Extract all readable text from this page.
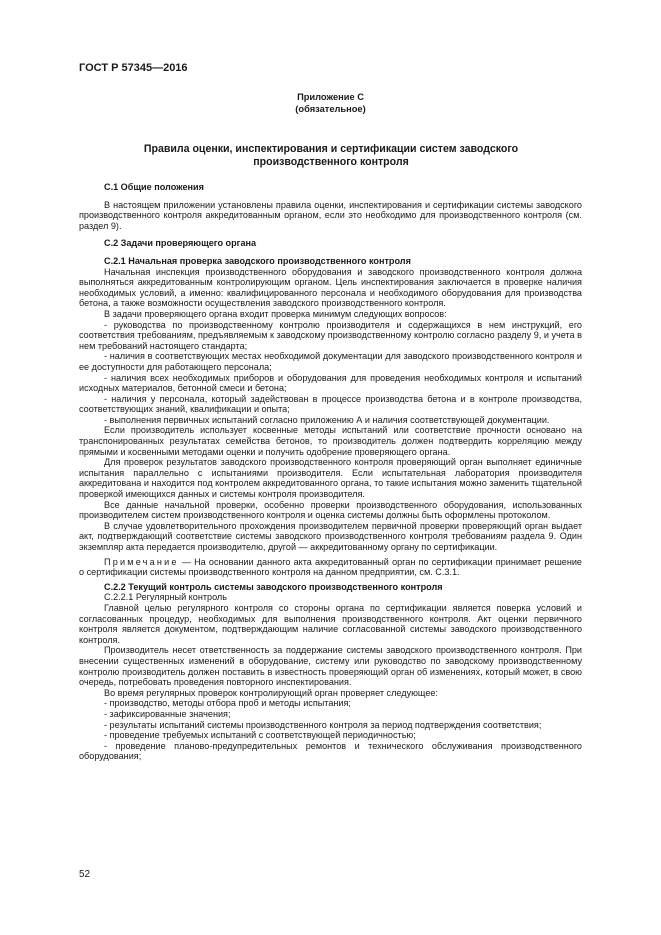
ГОСТ Р 57345—2016
Приложение С
(обязательное)
Правила оценки, инспектирования и сертификации систем заводского производственного контроля

С.1 Общие положения

В настоящем приложении установлены правила оценки, инспектирования и сертификации системы заводского производственного контроля аккредитованным органом, если это необходимо для производственного контроля (см. раздел 9).

С.2 Задачи проверяющего органа

С.2.1 Начальная проверка заводского производственного контроля

Начальная инспекция производственного оборудования и заводского производственного контроля должна выполняться аккредитованным контролирующим органом. Цель инспектирования заключается в проверке наличия необходимых условий, а именно: квалифицированного персонала и необходимого оборудования для производства бетона, а также возможности осуществления заводского производственного контроля.

В задачи проверяющего органа входит проверка минимум следующих вопросов:

- руководства по производственному контролю производителя и содержащихся в нем инструкций, его соответствия требованиям, предъявляемым к заводскому производственному контролю согласно разделу 9, и учета в нем требований настоящего стандарта;

- наличия в соответствующих местах необходимой документации для заводского производственного контроля и ее доступности для работающего персонала;

- наличия всех необходимых приборов и оборудования для проведения необходимых контроля и испытаний исходных материалов, бетонной смеси и бетона;

- наличия у персонала, который задействован в процессе производства бетона и в контроле производства, соответствующих знаний, квалификации и опыта;

- выполнения первичных испытаний согласно приложению А и наличия соответствующей документации.

Если производитель использует косвенные методы испытаний или соответствие прочности основано на транспонированных результатах семейства бетонов, то производитель должен подтвердить корреляцию между прямыми и косвенными методами оценки и получить одобрение проверяющего органа.

Для проверок результатов заводского производственного контроля проверяющий орган выполняет единичные испытания параллельно с испытаниями производителя. Если испытательная лаборатория производителя аккредитована и находится под контролем аккредитованного органа, то такие испытания можно заменить тщательной проверкой имеющихся данных и системы контроля производителя.

Все данные начальной проверки, особенно проверки производственного оборудования, использованных производителем систем производственного контроля и оценка системы должны быть оформлены протоколом.

В случае удовлетворительного прохождения производителем первичной проверки проверяющий орган выдает акт, подтверждающий соответствие системы заводского производственного контроля требованиям раздела 9. Один экземпляр акта передается производителю, другой — аккредитованному органу по сертификации.

Примечание — На основании данного акта аккредитованный орган по сертификации принимает решение о сертификации системы производственного контроля на данном предприятии, см. С.3.1.

С.2.2 Текущий контроль системы заводского производственного контроля

С.2.2.1 Регулярный контроль

Главной целью регулярного контроля со стороны органа по сертификации является поверка условий и согласованных процедур, необходимых для выполнения производственного контроля. Акт оценки первичного контроля является документом, подтверждающим наличие согласованной системы заводского производственного контроля.

Производитель несет ответственность за поддержание системы заводского производственного контроля. При внесении существенных изменений в оборудование, систему или руководство по заводскому производственному контролю производитель должен поставить в известность проверяющий орган об изменениях, который может, в свою очередь, потребовать проведения повторного инспектирования.

Во время регулярных проверок контролирующий орган проверяет следующее:

- производство, методы отбора проб и методы испытания;

- зафиксированные значения;

- результаты испытаний системы производственного контроля за период подтверждения соответствия;

- проведение требуемых испытаний с соответствующей периодичностью;

- проведение планово-предупредительных ремонтов и технического обслуживания производственного оборудования;

52
